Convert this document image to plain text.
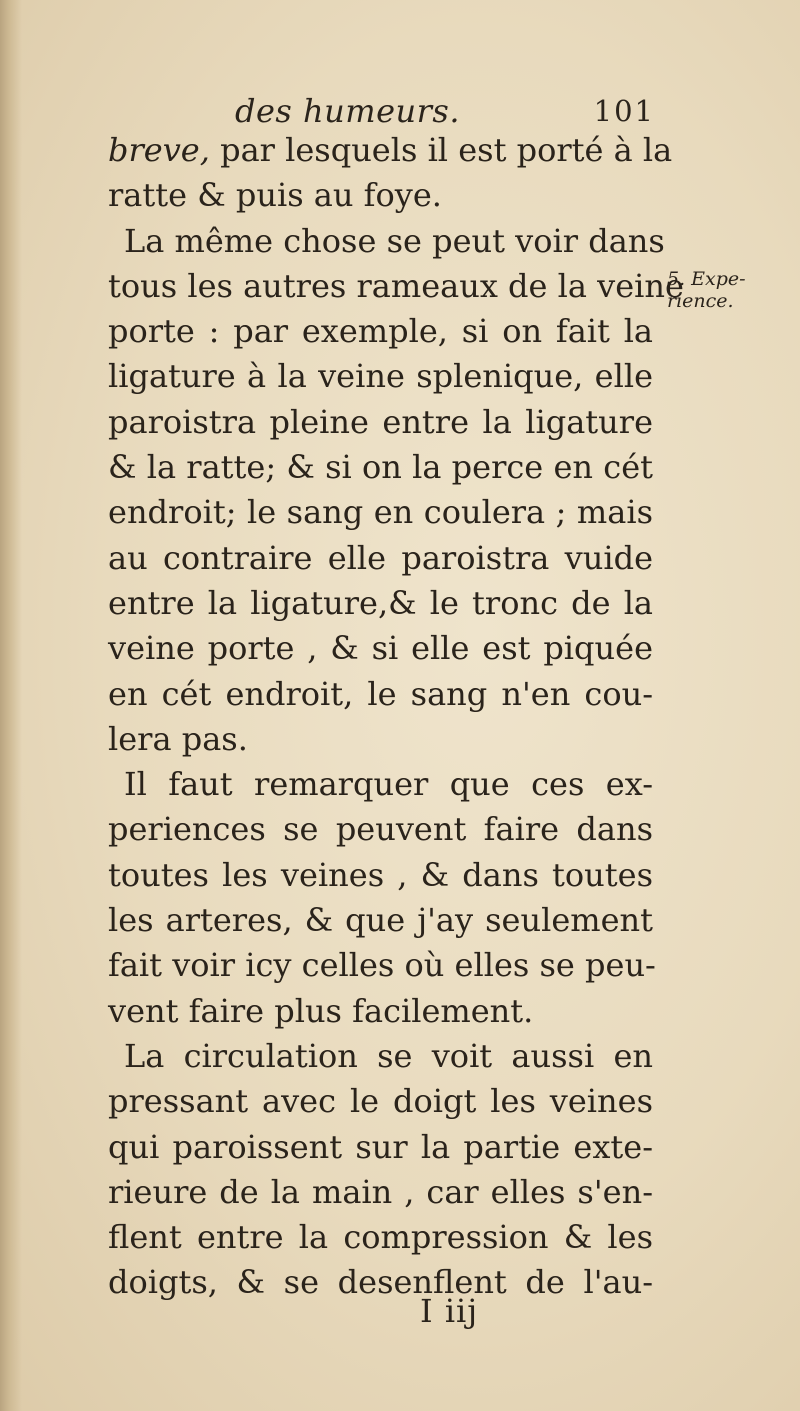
des humeurs.	101
breve, par lesquels il est porté à la
ratte & puis au foye.
La même chose se peut voir dans
tous les autres rameaux de la veine
porte : par exemple, si on fait la
ligature à la veine splenique, elle
paroistra pleine entre la ligature
& la ratte; & si on la perce en cét
endroit; le sang en coulera ; mais
au contraire elle paroistra vuide
entre la ligature,& le tronc de la
veine porte , & si elle est piquée
en cét endroit, le sang n'en cou-
lera pas.
Il faut remarquer que ces ex-
periences se peuvent faire dans
toutes les veines , & dans toutes
les arteres, & que j'ay seulement
fait voir icy celles où elles se peu-
vent faire plus facilement.
La circulation se voit aussi en
pressant avec le doigt les veines
qui paroissent sur la partie exte-
rieure de la main , car elles s'en-
flent entre la compression & les
doigts, & se desenflent de l'au-
5. Expe-
rience.
I iij
